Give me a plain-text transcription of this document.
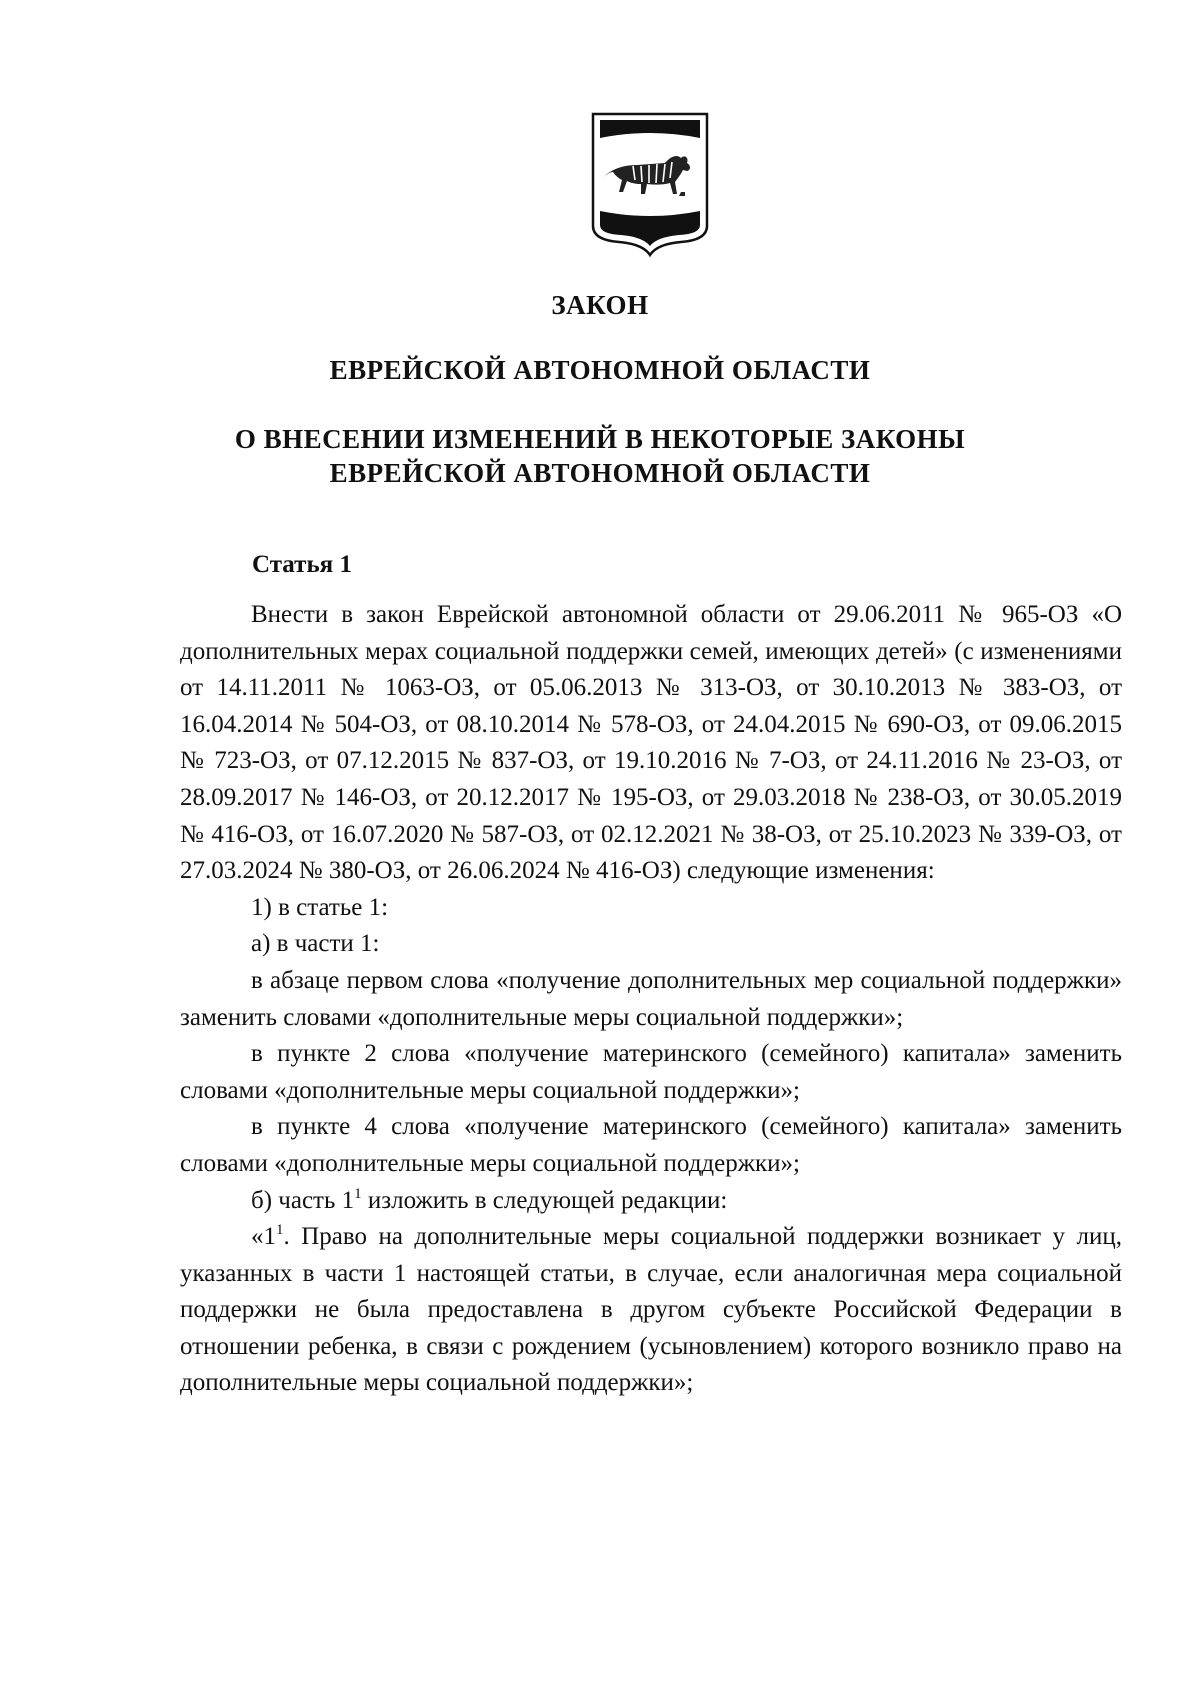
ЗАКОН
ЕВРЕЙСКОЙ АВТОНОМНОЙ ОБЛАСТИ
О ВНЕСЕНИИ ИЗМЕНЕНИЙ В НЕКОТОРЫЕ ЗАКОНЫ
ЕВРЕЙСКОЙ АВТОНОМНОЙ ОБЛАСТИ
Статья 1

Внести в закон Еврейской автономной области от 29.06.2011 № 965-ОЗ «О дополнительных мерах социальной поддержки семей, имеющих детей» (с изменениями от 14.11.2011 № 1063-ОЗ, от 05.06.2013 № 313-ОЗ, от 30.10.2013 № 383-ОЗ, от 16.04.2014 № 504-ОЗ, от 08.10.2014 № 578-ОЗ, от 24.04.2015 № 690-ОЗ, от 09.06.2015 № 723-ОЗ, от 07.12.2015 № 837-ОЗ, от 19.10.2016 № 7-ОЗ, от 24.11.2016 № 23-ОЗ, от 28.09.2017 № 146-ОЗ, от 20.12.2017 № 195-ОЗ, от 29.03.2018 № 238-ОЗ, от 30.05.2019 № 416-ОЗ, от 16.07.2020 № 587-ОЗ, от 02.12.2021 № 38-ОЗ, от 25.10.2023 № 339-ОЗ, от 27.03.2024 № 380-ОЗ, от 26.06.2024 № 416-ОЗ) следующие изменения:

1) в статье 1:

а) в части 1:

в абзаце первом слова «получение дополнительных мер социальной поддержки» заменить словами «дополнительные меры социальной поддержки»;

в пункте 2 слова «получение материнского (семейного) капитала» заменить словами «дополнительные меры социальной поддержки»;

в пункте 4 слова «получение материнского (семейного) капитала» заменить словами «дополнительные меры социальной поддержки»;

б) часть $1^1$ изложить в следующей редакции:

«$1^1$. Право на дополнительные меры социальной поддержки возникает у лиц, указанных в части 1 настоящей статьи, в случае, если аналогичная мера социальной поддержки не была предоставлена в другом субъекте Российской Федерации в отношении ребенка, в связи с рождением (усыновлением) которого возникло право на дополнительные меры социальной поддержки»;
